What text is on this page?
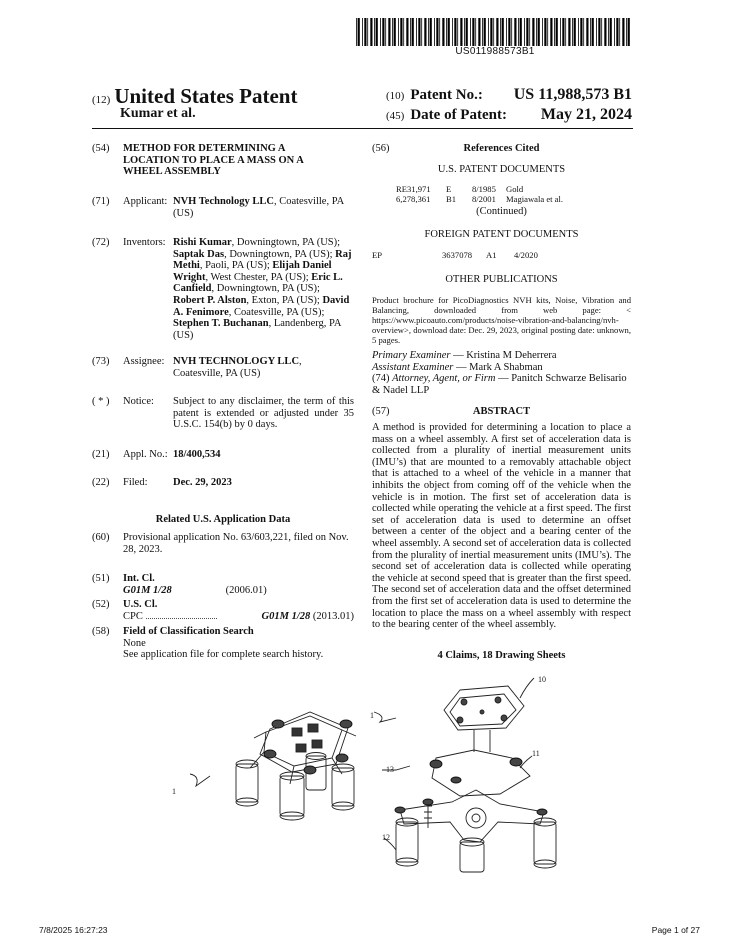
US011988573B1
(12) United States Patent
Kumar et al.
(10) Patent No.: US 11,988,573 B1
(45) Date of Patent: May 21, 2024
(54)	METHOD FOR DETERMINING A LOCATION TO PLACE A MASS ON A WHEEL ASSEMBLY
(71)	Applicant: NVH Technology LLC, Coatesville, PA (US)
(72)	Inventors: Rishi Kumar, Downingtown, PA (US); Saptak Das, Downingtown, PA (US); Raj Methi, Paoli, PA (US); Elijah Daniel Wright, West Chester, PA (US); Eric L. Canfield, Downingtown, PA (US); Robert P. Alston, Exton, PA (US); David A. Fenimore, Coatesville, PA (US); Stephen T. Buchanan, Landenberg, PA (US)
(73)	Assignee: NVH TECHNOLOGY LLC, Coatesville, PA (US)
( * )	Notice:	Subject to any disclaimer, the term of this patent is extended or adjusted under 35 U.S.C. 154(b) by 0 days.
(21)	Appl. No.: 18/400,534
(22)	Filed:	Dec. 29, 2023
Related U.S. Application Data
(60)	Provisional application No. 63/603,221, filed on Nov. 28, 2023.
(51)	Int. Cl.
G01M 1/28	(2006.01)
(52)	U.S. Cl.

CPC ....................................	G01M 1/28 (2013.01)
(58)	Field of Classification Search
None
See application file for complete search history.
(56)	References Cited
U.S. PATENT DOCUMENTS
RE31,971	E	8/1985	Gold
6,278,361	B1	8/2001	Magiawala et al.
(Continued)
FOREIGN PATENT DOCUMENTS
EP	3637078	A1	4/2020
OTHER PUBLICATIONS
Product brochure for PicoDiagnostics NVH kits, Noise, Vibration and Balancing, downloaded from web page: < https://www.picoauto.com/products/noise-vibration-and-balancing/nvh-overview>, download date: Dec. 29, 2023, original posting date: unknown, 5 pages.
Primary Examiner — Kristina M Deherrera
Assistant Examiner — Mark A Shabman
(74) Attorney, Agent, or Firm — Panitch Schwarze Belisario & Nadel LLP
(57)	ABSTRACT
A method is provided for determining a location to place a mass on a wheel assembly. A first set of acceleration data is collected from a plurality of inertial measurement units (IMU’s) that are mounted to a removably attachable object that is attached to a wheel of the vehicle in a manner that inhibits the object from coming off of the vehicle when the vehicle is in motion. The first set of acceleration data is collected while operating the vehicle at a first speed. The first set of acceleration data is used to determine an offset between a center of the object and a bearing center of the wheel assembly. A second set of acceleration data is collected from the plurality of inertial measurement units (IMU’s). The second set of acceleration data is collected while operating the vehicle at second speed that is greater than the first speed. The second set of acceleration data and the offset determined from the first set of acceleration data is used to determine the location to place the mass on a wheel assembly with respect to the bearing center of the wheel assembly.
4 Claims, 18 Drawing Sheets
1
1
10
11
12
13
7/8/2025 16:27:23	Page 1 of 27
